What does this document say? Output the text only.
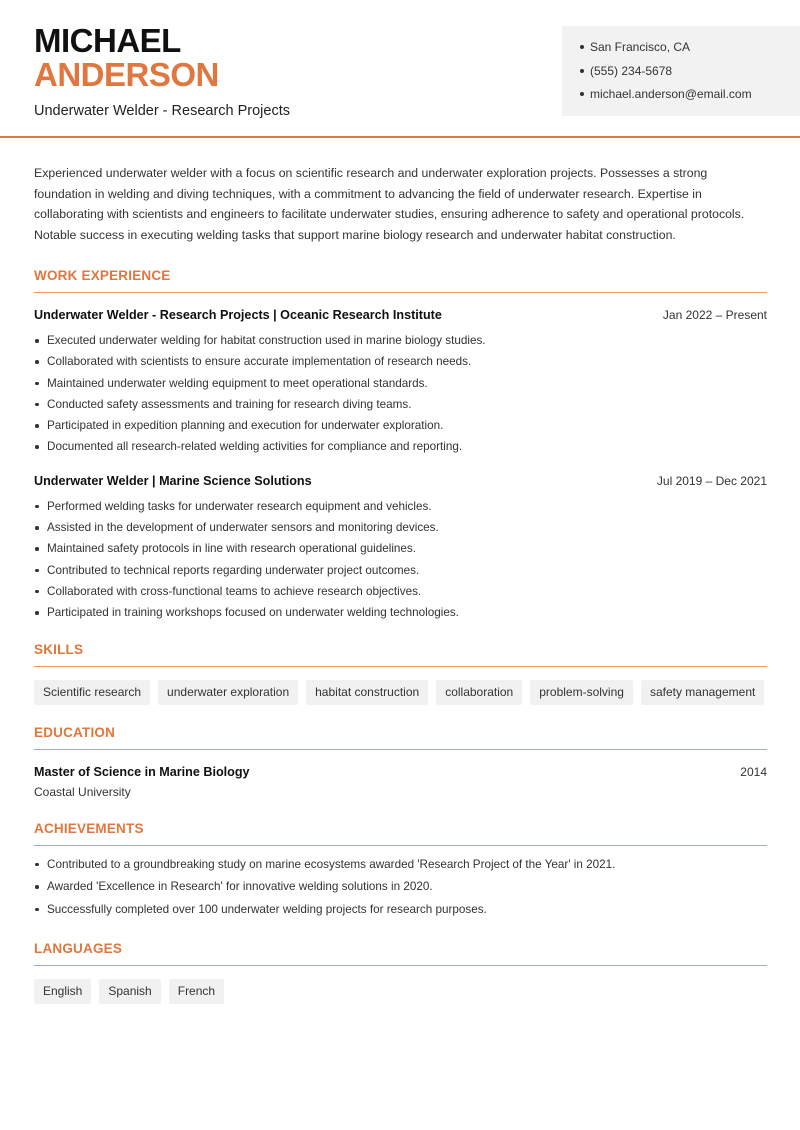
MICHAEL
ANDERSON
Underwater Welder - Research Projects
San Francisco, CA
(555) 234-5678
michael.anderson@email.com

Experienced underwater welder with a focus on scientific research and underwater exploration projects. Possesses a strong foundation in welding and diving techniques, with a commitment to advancing the field of underwater research. Expertise in collaborating with scientists and engineers to facilitate underwater studies, ensuring adherence to safety and operational protocols. Notable success in executing welding tasks that support marine biology research and underwater habitat construction.

WORK EXPERIENCE
Underwater Welder - Research Projects | Oceanic Research Institute	Jan 2022 – Present
Executed underwater welding for habitat construction used in marine biology studies.
Collaborated with scientists to ensure accurate implementation of research needs.
Maintained underwater welding equipment to meet operational standards.
Conducted safety assessments and training for research diving teams.
Participated in expedition planning and execution for underwater exploration.
Documented all research-related welding activities for compliance and reporting.
Underwater Welder | Marine Science Solutions	Jul 2019 – Dec 2021
Performed welding tasks for underwater research equipment and vehicles.
Assisted in the development of underwater sensors and monitoring devices.
Maintained safety protocols in line with research operational guidelines.
Contributed to technical reports regarding underwater project outcomes.
Collaborated with cross-functional teams to achieve research objectives.
Participated in training workshops focused on underwater welding technologies.
SKILLS
Scientific research	underwater exploration	habitat construction	collaboration	problem-solving	safety management
EDUCATION
Master of Science in Marine Biology	2014
Coastal University
ACHIEVEMENTS
Contributed to a groundbreaking study on marine ecosystems awarded 'Research Project of the Year' in 2021.
Awarded 'Excellence in Research' for innovative welding solutions in 2020.
Successfully completed over 100 underwater welding projects for research purposes.
LANGUAGES
English	Spanish	French
